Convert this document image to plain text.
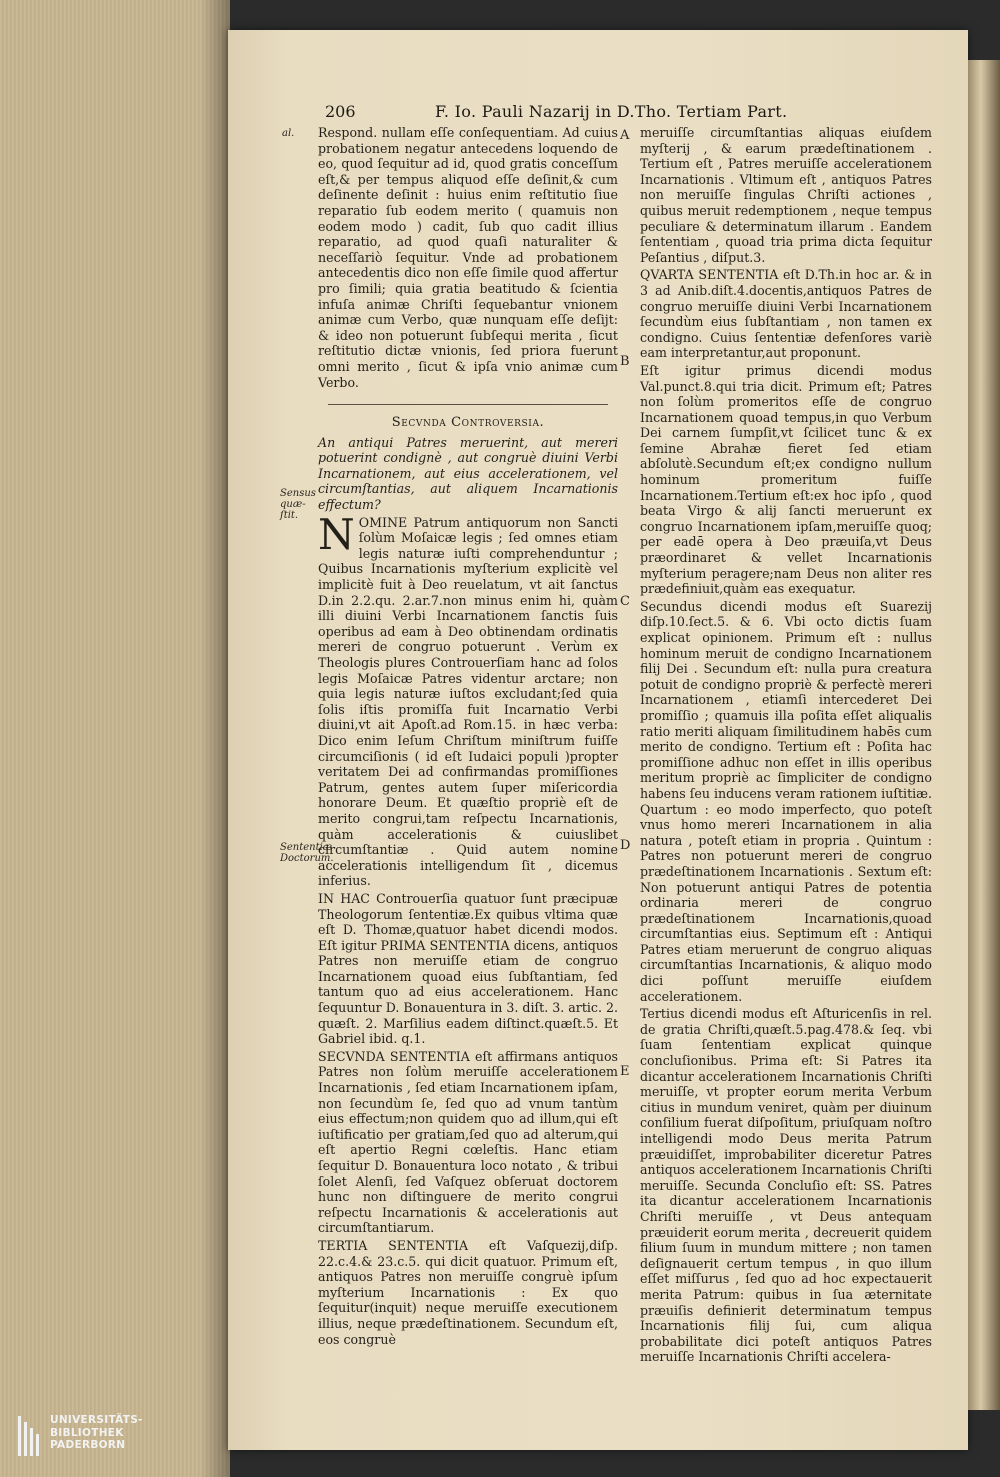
206	F. Io. Pauli Nazarij in D.Tho. Tertiam Part.
al.
Sensus quæ-ſtit.
Sententiæ Doctorum.
A
B
C
D
E

Respond. nullam eſſe conſequentiam. Ad cuius probationem negatur antecedens loquendo de eo, quod ſequitur ad id, quod gratis conceſſum eſt,& per tempus aliquod eſſe deſinit,& cum deſinente deſinit : huius enim reſtitutio ſiue reparatio ſub eodem merito ( quamuis non eodem modo ) cadit, ſub quo cadit illius reparatio, ad quod quaſi naturaliter & neceſſariò ſequitur. Vnde ad probationem antecedentis dico non eſſe ſimile quod affertur pro ſimili; quia gratia beatitudo & ſcientia infuſa animæ Chriſti ſequebantur vnionem animæ cum Verbo, quæ nunquam eſſe deſijt: & ideo non potuerunt ſubſequi merita , ſicut reſtitutio dictæ vnionis, ſed priora fuerunt omni merito , ſicut & ipſa vnio animæ cum Verbo.

Secvnda Controversia.

An antiqui Patres meruerint, aut mereri potuerint condignè , aut congruè diuini Verbi Incarnationem, aut eius accelerationem, vel circumſtantias, aut aliquem Incarnationis effectum?

NOMINE Patrum antiquorum non Sancti ſolùm Moſaicæ legis ; ſed omnes etiam legis naturæ iuſti comprehenduntur ; Quibus Incarnationis myſterium explicitè vel implicitè fuit à Deo reuelatum, vt ait ſanctus D.in 2.2.qu. 2.ar.7.non minus enim hi, quàm illi diuini Verbi Incarnationem ſanctis ſuis operibus ad eam à Deo obtinendam ordinatis mereri de congruo potuerunt . Verùm ex Theologis plures Controuerſiam hanc ad ſolos legis Moſaicæ Patres videntur arctare; non quia legis naturæ iuſtos excludant;ſed quia ſolis iſtis promiſſa fuit Incarnatio Verbi diuini,vt ait Apoſt.ad Rom.15. in hæc verba: Dico enim Ieſum Chriſtum miniſtrum fuiſſe circumciſionis ( id eſt Iudaici populi )propter veritatem Dei ad confirmandas promiſſiones Patrum, gentes autem ſuper miſericordia honorare Deum. Et quæſtio propriè eſt de merito congrui,tam reſpectu Incarnationis, quàm accelerationis & cuiuslibet circumſtantiæ . Quid autem nomine accelerationis intelligendum ſit , dicemus inferius.

IN HAC Controuerſia quatuor ſunt præcipuæ Theologorum ſententiæ.Ex quibus vltima quæ eſt D. Thomæ,quatuor habet dicendi modos. Eſt igitur PRIMA SENTENTIA dicens, antiquos Patres non meruiſſe etiam de congruo Incarnationem quoad eius ſubſtantiam, ſed tantum quo ad eius accelerationem. Hanc ſequuntur D. Bonauentura in 3. diſt. 3. artic. 2. quæſt. 2. Marſilius eadem diſtinct.quæſt.5. Et Gabriel ibid. q.1.

SECVNDA SENTENTIA eſt affirmans antiquos Patres non ſolùm meruiſſe accelerationem Incarnationis , ſed etiam Incarnationem ipſam, non ſecundùm ſe, ſed quo ad vnum tantùm eius effectum;non quidem quo ad illum,qui eſt iuſtificatio per gratiam,ſed quo ad alterum,qui eſt apertio Regni cœleſtis. Hanc etiam ſequitur D. Bonauentura loco notato , & tribui ſolet Alenſi, ſed Vaſquez obſeruat doctorem hunc non diſtinguere de merito congrui reſpectu Incarnationis & accelerationis aut circumſtantiarum.

TERTIA SENTENTIA eſt Vaſquezij,diſp. 22.c.4.& 23.c.5. qui dicit quatuor. Primum eſt, antiquos Patres non meruiſſe congruè ipſum myſterium Incarnationis : Ex quo ſequitur(inquit) neque meruiſſe executionem illius, neque prædeſtinationem. Secundum eſt, eos congruè

meruiſſe circumſtantias aliquas eiuſdem myſterij , & earum prædeſtinationem . Tertium eſt , Patres meruiſſe accelerationem Incarnationis . Vltimum eſt , antiquos Patres non meruiſſe ſingulas Chriſti actiones , quibus meruit redemptionem , neque tempus peculiare & determinatum illarum . Eandem ſententiam , quoad tria prima dicta ſequitur Peſantius , diſput.3.

QVARTA SENTENTIA eſt D.Th.in hoc ar. & in 3 ad Anib.diſt.4.docentis,antiquos Patres de congruo meruiſſe diuini Verbi Incarnationem ſecundùm eius ſubſtantiam , non tamen ex condigno. Cuius ſententiæ defenſores variè eam interpretantur,aut proponunt.

Eſt igitur primus dicendi modus Val.punct.8.qui tria dicit. Primum eſt; Patres non ſolùm promeritos eſſe de congruo Incarnationem quoad tempus,in quo Verbum Dei carnem ſumpſit,vt ſcilicet tunc & ex ſemine Abrahæ fieret ſed etiam abſolutè.Secundum eſt;ex condigno nullum hominum promeritum fuiſſe Incarnationem.Tertium eſt:ex hoc ipſo , quod beata Virgo & alij ſancti meruerunt ex congruo Incarnationem ipſam,meruiſſe quoq; per eadē opera à Deo præuiſa,vt Deus præordinaret & vellet Incarnationis myſterium peragere;nam Deus non aliter res prædefiniuit,quàm eas exequatur.

Secundus dicendi modus eſt Suarezij diſp.10.ſect.5. & 6. Vbi octo dictis ſuam explicat opinionem. Primum eſt : nullus hominum meruit de condigno Incarnationem filij Dei . Secundum eſt: nulla pura creatura potuit de condigno propriè & perfectè mereri Incarnationem , etiamſi intercederet Dei promiſſio ; quamuis illa poſita eſſet aliqualis ratio meriti aliquam ſimilitudinem habēs cum merito de condigno. Tertium eſt : Poſita hac promiſſione adhuc non eſſet in illis operibus meritum propriè ac ſimpliciter de condigno habens ſeu inducens veram rationem iuſtitiæ. Quartum : eo modo imperfecto, quo poteſt vnus homo mereri Incarnationem in alia natura , poteſt etiam in propria . Quintum : Patres non potuerunt mereri de congruo prædeſtinationem Incarnationis . Sextum eſt: Non potuerunt antiqui Patres de potentia ordinaria mereri de congruo prædeſtinationem Incarnationis,quoad circumſtantias eius. Septimum eſt : Antiqui Patres etiam meruerunt de congruo aliquas circumſtantias Incarnationis, & aliquo modo dici poſſunt meruiſſe eiuſdem accelerationem.

Tertius dicendi modus eſt Aſturicenſis in rel. de gratia Chriſti,quæſt.5.pag.478.& ſeq. vbi ſuam ſententiam explicat quinque concluſionibus. Prima eſt: Si Patres ita dicantur accelerationem Incarnationis Chriſti meruiſſe, vt propter eorum merita Verbum citius in mundum veniret, quàm per diuinum conſilium fuerat diſpoſitum, priuſquam noſtro intelligendi modo Deus merita Patrum præuidiſſet, improbabiliter diceretur Patres antiquos accelerationem Incarnationis Chriſti meruiſſe. Secunda Concluſio eſt: SS. Patres ita dicantur accelerationem Incarnationis Chriſti meruiſſe , vt Deus antequam præuiderit eorum merita , decreuerit quidem filium ſuum in mundum mittere ; non tamen deſignauerit certum tempus , in quo illum eſſet miſſurus , ſed quo ad hoc expectauerit merita Patrum: quibus in ſua æternitate præuiſis definierit determinatum tempus Incarnationis filij ſui, cum aliqua probabilitate dici poteſt antiquos Patres meruiſſe Incarnationis Chriſti accelera-

UNIVERSITÄTS-
BIBLIOTHEK
PADERBORN
